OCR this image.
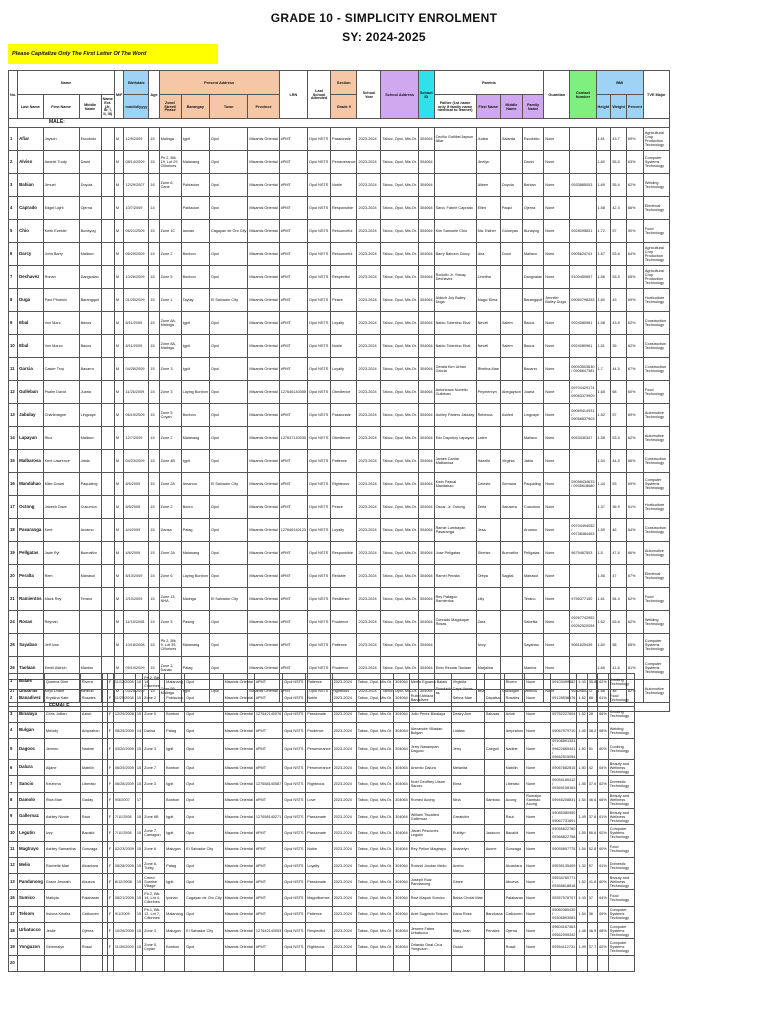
GRADE 10 - SIMPLICITY ENROLMENT
SY: 2024-2025
Please Capitalize Only The First Letter Of The Word
No.	Name				M/F	Birthdate	Age	Present Address				LRN	Last School Attended	Section	School Year	School Address	School ID	Parents				Guardian	Contact Number	BMI			TVE Major
	Last Name	First Name	Middle Name	Name Ext. (Jr, Sr, I, II, III)		mm/dd/yyyy		Zone/ Street/ Phase	Barangay	Town	Province			Grade 9				Father (1st name only if family name identical to learner)	First Name	Middle Name	Family Name			Height	Weight	Percent	
MALE:																											
1	Afiar	Jayson	Escobido		M	12/5/2009	15	Malinga	Igpit	Opol	Misamis Oriental	#PMT	Opol NSTS	Passionate	2023-2024	Taboc, Opol, Mis.Or.	304064	Cecilio Gotlibe/Jayson Afiar	Judea	Salarda	Escobido	None		1.61	43.7	69%	Agricultural Crop Production Technology
2	Alviso	Andriel Trudy	David		M	08/14/2009	15	Ph.2, Blk. 19, Lot 29 Cillorines	Malanang	Opol	Misamis Oriental	#PMT	Opol NSTS	Perseverance	2023-2024	Taboc, Opol, Mis.Or.	304064		Jinelyn		David	None		1.60	55.5	63%	Computer Systems Technology
3	Bahian	Jimuel	Doyola		M	12/29/2007	16	Zone 6, Cane	Poblacion	Opol	Misamis Oriental	#PMT	Opol NSTS	Noble	2023-2024	Taboc, Opol, Mis.Or.	304064		Aileen	Doyola	Bahian	None	0933885053	1.69	55.4	62%	Welding Technology
4	Caprado	Edgel Light	Ojerna		M	10/7/2009	14		Poblacion	Opol	Misamis Oriental	#PMT	Opol NSTS	Responsible	2023-2024	Taboc, Opol, Mis.Or.	304064	Sand, Fabrie Caprado	Ellen	Paqid	Ojerna	None		1.58	42.3	66%	Electrical Technology
5	Chio	Keith Ezekiel	Bunayog		M	06/21/2009	15	Zone 1C	Iaonan	Cagayan de Oro City	Misamis Oriental	#PMT	Opol NSTS	Resourceful	2023-2024	Taboc, Opol, Mis.Or.	304064	Kim Samuele Chio	Ma. Esther	Gulueyas	Bunayog	None	0928095831	1.72	57	90%	Food Technology
6	Darcy	John Barry	Mallaco		M	06/29/2009	15	Zone 2	Bonbon	Opol	Misamis Oriental	#PMT	Opol NSTS	Resourceful	2023-2024	Taboc, Opol, Mis.Or.	304064	Barry Baboon Darcy	Ana	Doon	Mallaco	None	0905624741	1.67	53.6	64%	Agricultural Crop Production Technology
7	Dechavez	Ronan	Dangcalan		M	10/26/2009	15	Zone 5	Bonbon	Opol	Misamis Oriental	#PMT	Opol NSTS	Respectful	2023-2024	Taboc, Opol, Mis.Or.	304064	Rodolfo Jr. Yinsay Dechavez	Lineitha		Dangcalan	None	9100450657	1.56	53.5	65%	Agricultural Crop Production Technology
8	Duga	Paul Phoenix	Barangquit		M	01/25/2009	15	Zone 1	Taytay	El Salvador City	Misamis Oriental	#PMT	Opol NSTS	Peace	2023-2024	Taboc, Opol, Mis.Or.	304064	Aldrich Joy Bailey Duga	Magic Elma		Barangquit	Jennifer Bailey Duga	09060798253	1.60	43	69%	Horticulture Technology
9	Ebal	Von Marc	Bacus		M	8/11/2009	15	Zone 8A, Malinga	Igpit	Opol	Misamis Oriental	#PMT	Opol NSTS	Loyalty	2023-2024	Taboc, Opol, Mis.Or.	304064	Naldo Tolentino Ebal	Neveil	Salem	Bacus	None	0924080961	1.58	43.5	62%	Construction Technology
10	Ebal	Von Marco	Bacus		M	8/11/2009	15	Zone 8A, Malinga	Igpit	Opol	Misamis Oriental	#PMT	Opol NSTS	Noble	2023-2024	Taboc, Opol, Mis.Or.	304064	Naldo Tolentino Ebal	Neveil	Salem	Bacus	None	0924080961	1.51	39	62%	Construction Technology
11	Garcia	Caster Troy	Bacarro		M	04/28/2009	15	Zone 3	Igpit	Opol	Misamis Oriental	#PMT	Opol NSTS	Loyalty	2023-2024	Taboc, Opol, Mis.Or.	304064	Gerald Kim Urban Garcia	Rhelina Mae		Bacarro	None	09093503630 / 0906647381	1.7	44.5	67%	Construction Technology
12	Gulleban	Psalm David	Juaria		M	11/26/2009	15	Zone 3	Laying Bonbon	Opol	Misamis Oriental	127646140055	Opol NSTS	Obedience	2023-2024	Taboc, Opol, Mis.Or.	304064	Antoneaus Nonelio Gulleban	Priymenryn	Abegayson	Juaria	None	09704429174 / 09063373909	1.65	68	60%	Food Technology
13	Jabulay	Charlimagne	Lingcaye		M	06/19/2009	15	Zone 5, Coyan	Bonbon	Opol	Misamis Oriental	#PMT	Opol NSTS	Passionate	2023-2024	Taboc, Opol, Mis.Or.	304064	Ashley Padero Jabulay	Rebecca	Avilled	Lingcaye	None	09069414931 / 09058837903	1.52	57	69%	Automotive Technology
14	Lapayan	Rico	Mallaco		M	12/7/2009	15	Zone 2	Malanang	Opol	Misamis Oriental	127637140030	Opol NSTS	Obedience	2023-2024	Taboc, Opol, Mis.Or.	304064	Eric Dayoboy Lapayan	Lalen		Mallaco	None	9053430347	1.58	53.5	62%	Automotive Technology
15	Malbarosa	Kent Lawrence	Jabla		M	04/23/2009	15	Zone 4B	Igpit	Opol	Misamis Oriental	#PMT	Opol NSTS	Patience	2023-2024	Taboc, Opol, Mis.Or.	304064	James Cantal Malbarosa	Hazelle	Virginia	Jabla	None		1.54	44.5	66%	Construction Technology
16	Mandahao	Mike Dowel	Paquiding		M	8/5/2009	15	Zone 2A	Amanoa	El Salvador City	Misamis Oriental	#PMT	Opol NSTS	Righteous	2023-2024	Taboc, Opol, Mis.Or.	304064	Kwin Pascal Mandahao	Celeste	Semana	Paquiding	None	09058434633 / 0935618680	1.44	53	69%	Computer Systems Technology
17	Octong	Jabesh Dave	Cusumon		M	8/5/2009	15	Zone 2	Bonro	Opol	Misamis Oriental	#PMT	Opol NSTS	Peace	2023-2024	Taboc, Opol, Mis.Or.	304064	Oscar, Jr. Octong	Zeria	Salusera	Cusumon	None		1.37	36.9	61%	Horticulture Technology
18	Pasaranga	Kent	Arcamo		M	4/4/2009	15	Dansa	Patag	Opol	Misamis Oriental	127646140123	Opol NSTS	Loyalty	2023-2024	Taboc, Opol, Mis.Or.	304064	Ramie Lumbayan Pasaranga	Jesa		Arcamo	None	09704494052 / 09738484463	1.59	46	64%	Construction Technology
19	Pellgatas	Jade Ryl	Buenaflor		M	4/6/2009	15	Zone 2A	Malanang	Opol	Misamis Oriental	#PMT	Opol NSTS	Responsible	2023-2024	Taboc, Opol, Mis.Or.	304064	Jose Pellgatas	Sherise	Buenaflor	Pellgatas	None	9679467503	1.5	47.6	66%	Automotive Technology
20	Peralta	Rem	Mahasol		M	8/10/2009	15	Zone 6	Laying Bonbon	Opol	Misamis Oriental	#PMT	Opol NSTS	Reliable	2023-2024	Taboc, Opol, Mis.Or.	304064	Ramel Peralta	Oreya	Sagilal	Mahasol	None		1.55	47	67%	Electrical Technology
21	Ramientos	Mack Rey	Terano		M	2/10/2009	15	Zone 13, NHA	Malinga	El Salvador City	Misamis Oriental	#PMT	Opol NSTS	Resilience	2023-2024	Taboc, Opol, Mis.Or.	304064	Rey Patagoc Ramientos	Lilly		Terano	None	9756377150	1.61	54.4	62%	Food Technology
24	Rosas	Reynan			M	11/15/2008	15	Zone 5	Pasing	Opol	Misamis Oriental	#PMT	Opol NSTS	Prudence	2023-2024	Taboc, Opol, Mis.Or.	304064	Conrado Magduque Rosas	Zara		Sabellia	None	09267742952 / 09262520054	1.62	63.6	62%	Welding Technology
25	Sayabao	Jeff Ivan			M	10/18/2008	15	Ph.2, Blk. 9, Lot 39, Cillorines	Malanang	Opol	Misamis Oriental	#PMT	Opol NSTS	Patience	2023-2024	Taboc, Opol, Mis.Or.	304064		Ivory		Sayabao	None	9061625435	1.60	58	65%	Computer Systems Technology
26	Taolaan	Emeil Aldrich	Mantos		M	09/19/2009	15	Zone 2, Danao	Patag	Opol	Misamis Oriental	#PMT	Opol NSTS	Prudence	2023-2024	Taboc, Opol, Mis.Or.	304064	Elvin Recata Taolaan	Marjalina		Mantos	None		1.65	41.6	61%	Computer Systems Technology
27	Umas-as	Khyll Drane	Melecio		M	03/28/2009	15	Zone 6B, Malinga	Igpit	Opol	Misamis Oriental	#PMT	Opol NSTS	Righteous	2023-2024	Taboc, Opol, Mis.Or.	304064	Diosdado Caya Umas-as	Ilina	Cabilogan	Melecio	None	9530960372	1.68	48	62%	Automotive Technology
FEMALE																											
1	Balais	Queena Dine	Rivera		F	11/12/2008	16	Ph.2, Blk. 14, Cillorines	Malanang	Opol	Misamis Oriental	#PMT	Opol NSTS	Patience	2023-2024	Taboc, Opol, Mis.Or.	304064	Merlin Eguarra Balais	Virginita		Rivera	None	09103499682	1.43	35.8	62%	Cooking Technology
2	Banadivez	Krystina Kate	Rosales		F	11/25/2008	15	Zone 2	Poblacion	Opol	Misamis Oriental	#PMT	Opol NSTS	Noble	2023-2024	Taboc, Opol, Mis.Or.	304064	Rubel Ablaza Banadivez	Selma Mae	Dapalsa	Rosales	None	09128536176	1.62	88	61%	Food Technology
3	Binalaya	Chris Jullian	Azlub		F	12/29/2008	15	Zone 5	Bonbon	Opol	Misamis Oriental	127642140076	Opol NSTS	Passionate	2023-2024	Taboc, Opol, Mis.Or.	304064	Julio Perez Binalaya	Desiry Ann	Salusas	Azlub	None	09752227604	1.52	28	66%	Cooking Technology
4	Bulgan	Melody	Amprahon		F	08/25/2009	14	Dansa	Patag	Opol	Misamis Oriental	#PMT	Opol NSTS	Prudence	2023-2024	Taboc, Opol, Mis.Or.	304064	Alexandre Villadan Bulgan	Liddew		Amprahon	None	09067979710	1.45	38.2	68%	Welding Technology
5	Dagooc	Jennen	Nadine		F	03/20/2009	15	Zone 3	Igpit	Opol	Misamis Oriental	#PMT	Opol NSTS	Perseverance	2023-2024	Taboc, Opol, Mis.Or.	304064	Jerry Nasampan Dagooc	Jerry	Caegull	Nadine	None	09108891331 / 09822669441 / 09662515054	1.50	51	60%	Cooking Technology
6	Dalura	Aljane	Mabilin		F	06/29/2009	15	Zone 7	Bonbon	Opol	Misamis Oriental	#PMT	Opol NSTS	Perseverance	2023-2024	Taboc, Opol, Mis.Or.	304064	Arsenio Dalura	Melanita		Mabilin	None	09067682815	1.50	42	64%	Beauty and Wellness Technology
7	Sancio	Keizhma	Liberato		F	06/28/2009	15	Zone 3	Igpit	Opol	Misamis Oriental	127658140587	Opol NSTS	Righteous	2023-2024	Taboc, Opol, Mis.Or.	304064	Noel Geoffrey Ulsan Sancio	Elma		Liberato	None	09054180412 / 09369108163	1.55	37.6	62%	Domestic Technology
8	Damolo	Rica Mae	Gaday		F	9/5/2007	17		Bonbon	Opol	Misamis Oriental	#PMT	Opol NSTS	Love	2023-2024	Taboc, Opol, Mis.Or.	304064	Romeo Acong	Nina	Sambao	Acong	Romalyn Sambao Acong	09946208831	1.54	46.6	66%	Beauty and Wellness Technology
9	Gallernaz	Ashley Nicole	Raut		F	7/11/2008	15	Zone 6B	Igpit	Opol	Misamis Oriental	127658140271	Opol NSTS	Passionate	2023-2024	Taboc, Opol, Mis.Or.	304064	William Tiscalied Gallernaz	Greatchin		Raut	None	09085380950 / 09067731691	1.49	37.8	61%	Beauty and Wellness Technology
10	Legutin	Izzy	Bacalid		F	7/11/2008	15	Zone 7, Camagon	Igpit	Opol	Misamis Oriental	#PMT	Opol NSTS	Passionate	2023-2024	Taboc, Opol, Mis.Or.	304064	Jiadel Pescones Legutin	Rubilyn	Jackcon	Bacalid	None	09055622760 / 09368822758	1.55	66.6	62%	Computer Systems Technology
11	Magtrayo	Ashley Samantha	Gonzaga		F	02/23/2009	15	Zone 6	Malugan	El Salvador City	Misamis Oriental	#PMT	Opol NSTS	Noble	2023-2024	Taboc, Opol, Mis.Or.	304064	Rey Pelion Magtrayo	Anabelyn	Asone	Gonzaga	None	09055697775	1.54	52.8	60%	Food Technology
12	Melio	Rachelle Mae	Alcantara		F	08/28/2009	15	Zone 6, Tubig	Patag	Opol	Misamis Oriental	#PMT	Opol NSTS	Loyalty	2023-2024	Taboc, Opol, Mis.Or.	304064	Roland Joudan Melio	Anebo		Alcantara	None	09539135409	1.32	57	61%	Domestic Technology
13	Pandanong	Grace Jeseath	Abueva		F	8/12/2008	15	Creed Sunrise Village	Igpit	Opol	Misamis Oriental	#PMT	Opol NSTS	Passionate	2023-2024	Taboc, Opol, Mis.Or.	304064	Joseph Ruiz Pandanong	Ginee		Abueva	None	09534760771 / 09358818818	1.52	41.8	60%	Beauty and Wellness Technology
16	Sumico	Maikyla	Palabaran		F	08/21/2009	15	Ph.2, Blk. 14, Lot 4, Cillorines	Iponan	Cagayan de Oro City	Misamis Oriental	#PMT	Opol NSTS	Magnificence	2023-2024	Taboc, Opol, Mis.Or.	304064	Ravi Mapuh Sumico	Bebia Cholai Mae		Palabaran	None	09357578707	1.43	37	64%	Food Technology
17	Telsom	Aviona Kristha	Catluccen		F	9/1/2009	15	Ph.1, Blk. 12, Lot 7, Cillorines	Malanang	Opol	Misamis Oriental	#PMT	Opol NSTS	Patience	2023-2024	Taboc, Opol, Mis.Or.	304064	Ariel Sugpedo Telsom	Dana Rose	Bandusca	Catluccen	None	09060380430 / 09306893083	1.54	36	69%	Computer Systems Technology
18	Urbatucco	Jeslie	Ojerna		F	10/26/2009	15	Zone 3	Malugan	El Salvador City	Misamis Oriental	127642140053	Opol NSTS	Respectful	2023-2024	Taboc, Opol, Mis.Or.	304064	Jerome Fabre Urbatucco	Mary Jean	Penales	Ojerna	None	09604167463 / 09562095342	1.48	46.9	68%	Computer Systems Technology
19	Yonguzon	Gemmalyn	Rosal		F	11/30/2009	15	Zone 5, Coyan	Bonbon	Opol	Misamis Oriental	#PMT	Opol NSTS	Righteous	2023-2024	Taboc, Opol, Mis.Or.	304064	Orlando Deal-Cruz Yonguzon	Ocalo		Rosal	None	09354112731	1.49	37.7	62%	Computer Systems Technology
20																											
